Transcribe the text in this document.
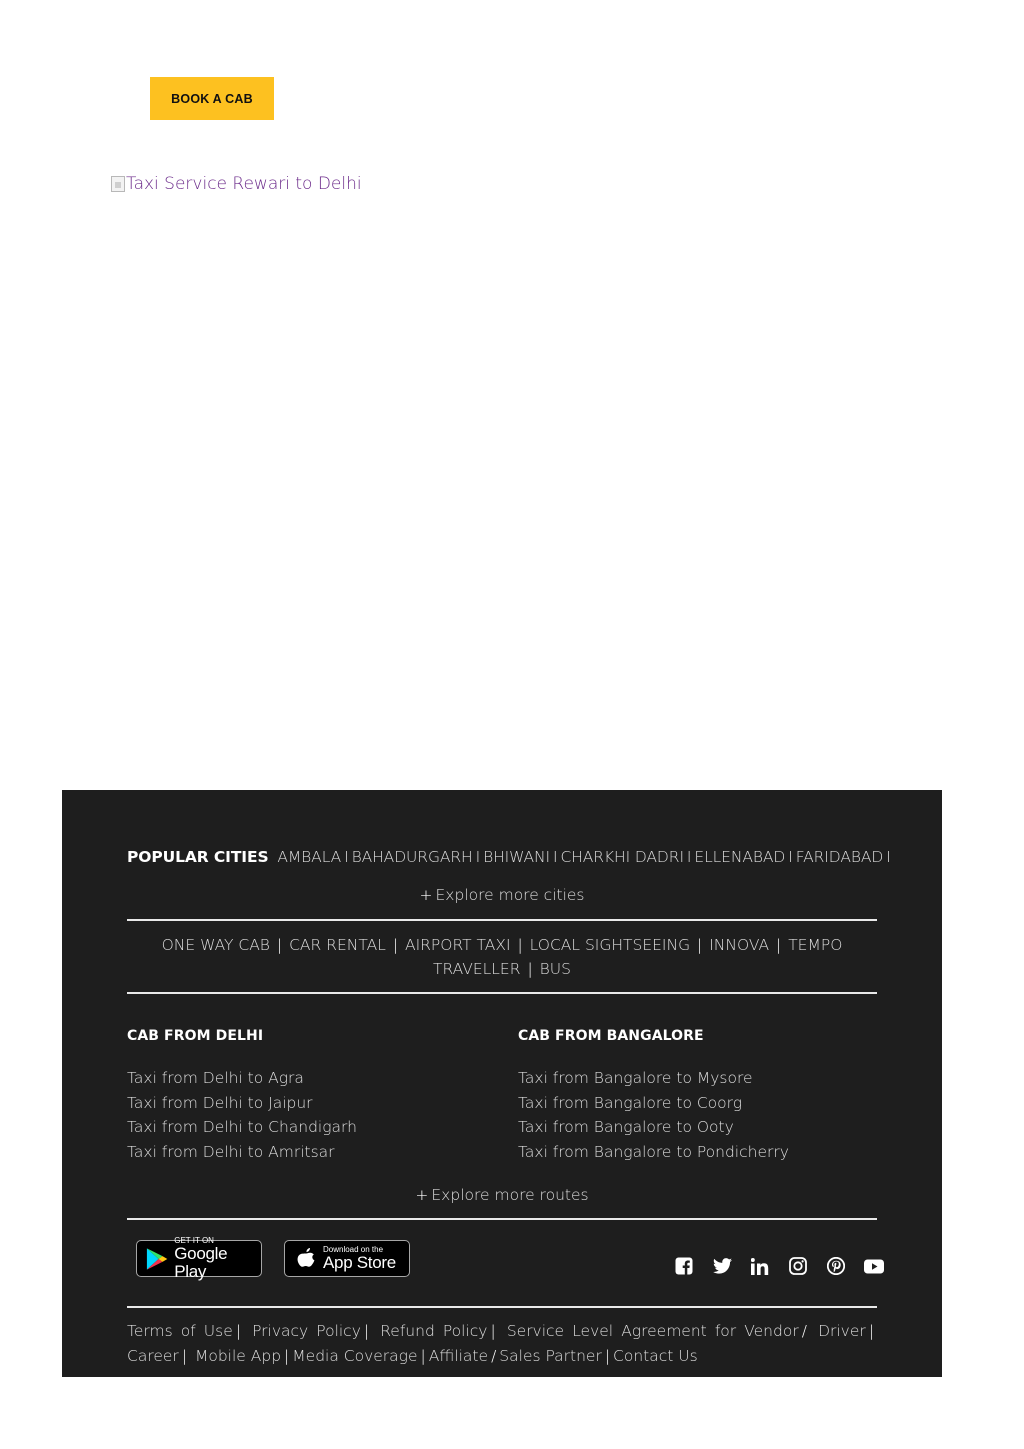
BOOK A CAB
Taxi Service Rewari to Delhi
POPULAR CITIES AMBALA I BAHADURGARH I BHIWANI I CHARKHI DADRI I ELLENABAD I FARIDABAD I
+ Explore more cities
ONE WAY CAB | CAR RENTAL | AIRPORT TAXI | LOCAL SIGHTSEEING | INNOVA | TEMPO TRAVELLER | BUS
CAB FROM DELHI
Taxi from Delhi to Agra
Taxi from Delhi to Jaipur
Taxi from Delhi to Chandigarh
Taxi from Delhi to Amritsar
CAB FROM BANGALORE
Taxi from Bangalore to Mysore
Taxi from Bangalore to Coorg
Taxi from Bangalore to Ooty
Taxi from Bangalore to Pondicherry
+ Explore more routes
GET IT ON
Google Play
Download on the
App Store
Terms of Use | Privacy Policy | Refund Policy | Service Level Agreement for Vendor / Driver | Career | Mobile App | Media Coverage | Affiliate / Sales Partner | Contact Us
